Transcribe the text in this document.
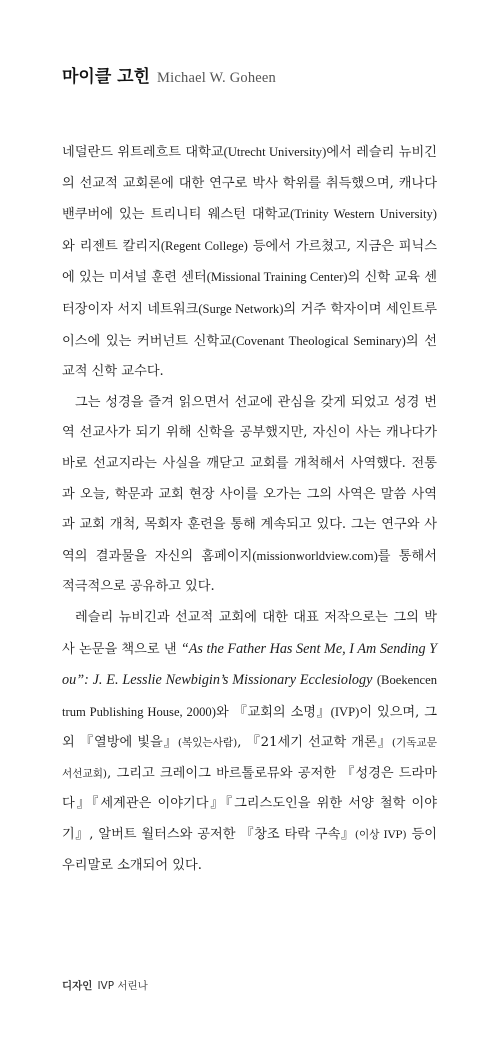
마이클 고힌 Michael W. Goheen

네덜란드 위트레흐트 대학교(Utrecht University)에서 레슬리 뉴비긴의 선교적 교회론에 대한 연구로 박사 학위를 취득했으며, 캐나다 밴쿠버에 있는 트리니티 웨스턴 대학교(Trinity Western University)와 리젠트 칼리지(Regent College) 등에서 가르쳤고, 지금은 피닉스에 있는 미셔널 훈련 센터(Missional Training Center)의 신학 교육 센터장이자 서지 네트워크(Surge Network)의 거주 학자이며 세인트루이스에 있는 커버넌트 신학교(Covenant Theological Seminary)의 선교적 신학 교수다.

그는 성경을 즐겨 읽으면서 선교에 관심을 갖게 되었고 성경 번역 선교사가 되기 위해 신학을 공부했지만, 자신이 사는 캐나다가 바로 선교지라는 사실을 깨닫고 교회를 개척해서 사역했다. 전통과 오늘, 학문과 교회 현장 사이를 오가는 그의 사역은 말씀 사역과 교회 개척, 목회자 훈련을 통해 계속되고 있다. 그는 연구와 사역의 결과물을 자신의 홈페이지(missionworldview.com)를 통해서 적극적으로 공유하고 있다.

레슬리 뉴비긴과 선교적 교회에 대한 대표 저작으로는 그의 박사 논문을 책으로 낸 “As the Father Has Sent Me, I Am Sending You”: J. E. Lesslie Newbigin’s Missionary Ecclesiology (Boekencentrum Publishing House, 2000)와 『교회의 소명』(IVP)이 있으며, 그 외 『열방에 빛을』(복있는사람), 『21세기 선교학 개론』(기독교문서선교회), 그리고 크레이그 바르톨로뮤와 공저한 『성경은 드라마다』『세계관은 이야기다』『그리스도인을 위한 서양 철학 이야기』, 알버트 월터스와 공저한 『창조 타락 구속』(이상 IVP) 등이 우리말로 소개되어 있다.

디자인 IVP 서린나
